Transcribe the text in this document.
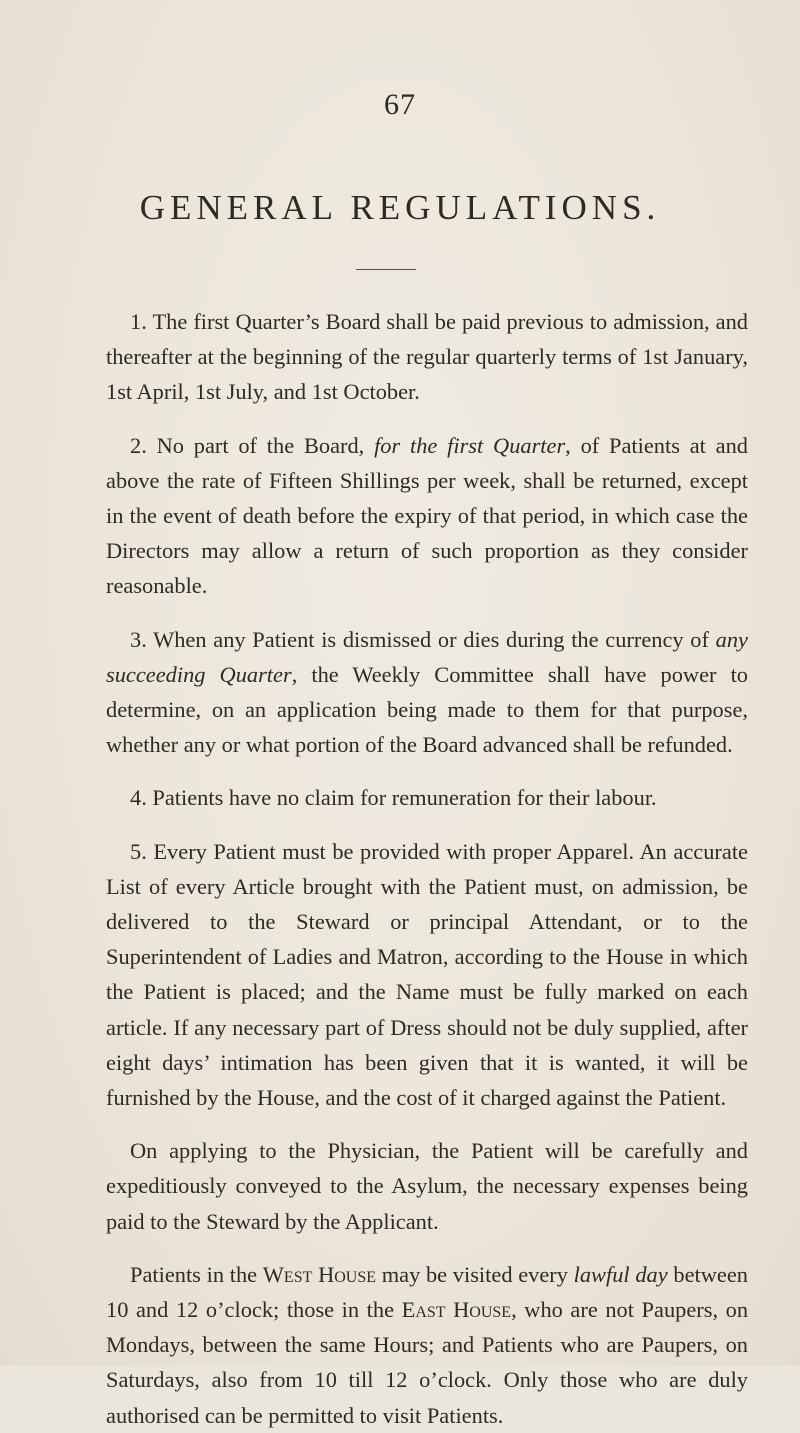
67
GENERAL REGULATIONS.

1. The first Quarter’s Board shall be paid previous to admission, and thereafter at the beginning of the regular quarterly terms of 1st January, 1st April, 1st July, and 1st October.

2. No part of the Board, for the first Quarter, of Patients at and above the rate of Fifteen Shillings per week, shall be returned, except in the event of death before the expiry of that period, in which case the Directors may allow a return of such proportion as they consider reasonable.

3. When any Patient is dismissed or dies during the currency of any succeeding Quarter, the Weekly Committee shall have power to determine, on an application being made to them for that purpose, whether any or what portion of the Board advanced shall be refunded.

4. Patients have no claim for remuneration for their labour.

5. Every Patient must be provided with proper Apparel. An accurate List of every Article brought with the Patient must, on admission, be delivered to the Steward or principal Attendant, or to the Superintendent of Ladies and Matron, according to the House in which the Patient is placed; and the Name must be fully marked on each article. If any necessary part of Dress should not be duly supplied, after eight days’ intimation has been given that it is wanted, it will be furnished by the House, and the cost of it charged against the Patient.

On applying to the Physician, the Patient will be carefully and expeditiously conveyed to the Asylum, the necessary expenses being paid to the Steward by the Applicant.

Patients in the West House may be visited every lawful day between 10 and 12 o’clock; those in the East House, who are not Paupers, on Mondays, between the same Hours; and Patients who are Paupers, on Saturdays, also from 10 till 12 o’clock. Only those who are duly authorised can be permitted to visit Patients.
